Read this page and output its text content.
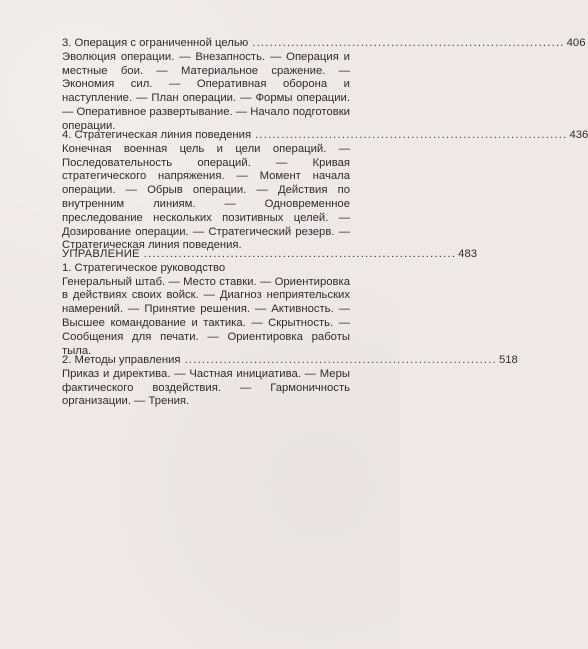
3. Операция с ограниченной целью ........................................................................ 406

Эволюция операции. — Внезапность. — Операция и местные бои. — Материальное сражение. — Экономия сил. — Оперативная оборона и наступление. — План операции. — Формы операции. — Оперативное развертывание. — Начало подготовки операции.

4. Стратегическая линия поведения ........................................................................ 436

Конечная военная цель и цели операций. — Последовательность операций. — Кривая стратегического напряжения. — Момент начала операции. — Обрыв операции. — Действия по внутренним линиям. — Одновременное преследование нескольких позитивных целей. — Дозирование операции. — Стратегический резерв. — Стратегическая линия поведения.

УПРАВЛЕНИЕ ........................................................................ 483
1. Стратегическое руководство

Генеральный штаб. — Место ставки. — Ориентировка в действиях своих войск. — Диагноз неприятельских намерений. — Принятие решения. — Активность. — Высшее командование и тактика. — Скрытность. — Сообщения для печати. — Ориентировка работы тыла.

2. Методы управления ........................................................................ 518

Приказ и директива. — Частная инициатива. — Меры фактического воздействия. — Гармоничность организации. — Трения.
